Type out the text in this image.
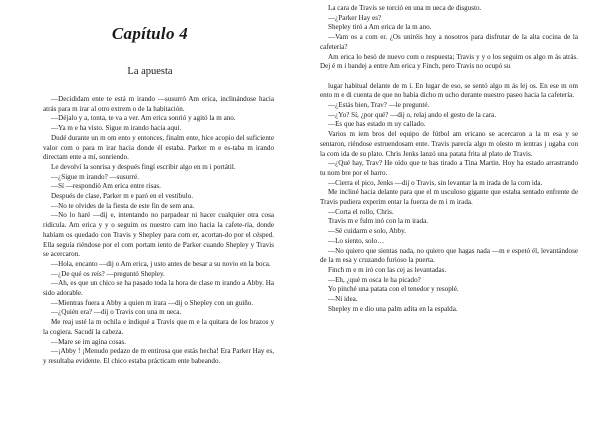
Capítulo 4
La apuesta

—Decididam ente te está m irando —susurró Am erica, inclinándose hacia atrás para m irar al otro extrem o de la habitación.

—Déjalo y a, tonta, te va a ver. Am erica sonrió y agitó la m ano.

—Ya m e ha visto. Sigue m irando hacia aquí.

Dudé durante un m om ento y entonces, finalm ente, hice acopio del suficiente valor com o para m irar hacia donde él estaba. Parker m e es-taba m irando directam ente a mí, sonriendo.

Le devolví la sonrisa y después fingí escribir algo en m i portátil.

—¿Sigue m irando? —susurré.

—Sí —respondió Am erica entre risas.

Después de clase, Parker m e paró en el vestíbulo.

—No te olvides de la fiesta de este fin de sem ana.

—No lo haré —dij e, intentando no parpadear ni hacer cualquier otra cosa ridícula. Am erica y y o seguim os nuestro cam ino hacia la cafete-ría, donde habíam os quedado con Travis y Shepley para com er, acortan-do por el césped. Ella seguía riéndose por el com portam iento de Parker cuando Shepley y Travis se acercaron.

—Hola, encanto —dij o Am erica, j usto antes de besar a su novio en la boca.

—¿De qué os reís? —preguntó Shepley.

—Ah, es que un chico se ha pasado toda la hora de clase m irando a Abby. Ha sido adorable.

—Mientras fuera a Abby a quien m irara —dij o Shepley con un guiño.

—¿Quién era? —dij o Travis con una m ueca.

Me reaj usté la m ochila e indiqué a Travis que m e la quitara de los brazos y la cogiera. Sacudí la cabeza.

—Mare se im agina cosas.

—¡Abby ! ¡Menudo pedazo de m entirosa que estás hecha! Era Parker Hay es, y resultaba evidente. El chico estaba prácticam ente babeando.

La cara de Travis se torció en una m ueca de disgusto.

—¿Parker Hay es?

Shepley tiró a Am erica de la m ano.

—Vam os a com er. ¿Os uniréis hoy a nosotros para disfrutar de la alta cocina de la cafetería?

Am erica lo besó de nuevo com o respuesta; Travis y y o los seguim os algo m ás atrás. Dej é m i bandej a entre Am erica y Finch, pero Travis no ocupó su

lugar habitual delante de m í. En lugar de eso, se sentó algo m ás lej os. En ese m om ento m e di cuenta de que no había dicho m ucho durante nuestro paseo hacia la cafetería.

—¿Estás bien, Trav? —le pregunté.

—¿Yo? Sí, ¿por qué? —dij o, relaj ando el gesto de la cara.

—Es que has estado m uy callado.

Varios m iem bros del equipo de fútbol am ericano se acercaron a la m esa y se sentaron, riéndose estruendosam ente. Travis parecía algo m olesto m ientras j ugaba con la com ida de su plato. Chris Jenks lanzó una patata frita al plato de Travis.

—¿Qué hay, Trav? He oído que te has tirado a Tina Martin. Hoy ha estado arrastrando tu nom bre por el barro.

—Cierra el pico, Jenks —dij o Travis, sin levantar la m irada de la com ida.

Me incliné hacia delante para que el m usculoso gigante que estaba sentado enfrente de Travis pudiera experim entar la fuerza de m i m irada.

—Corta el rollo, Chris.

Travis m e fulm inó con la m irada.

—Sé cuidarm e solo, Abby.

—Lo siento, solo…

—No quiero que sientas nada, no quiero que hagas nada —m e espetó él, levantándose de la m esa y cruzando furioso la puerta.

Finch m e m iró con las cej as levantadas.

—Eh, ¿qué m osca le ha picado?

Yo pinché una patata con el tenedor y resoplé.

—Ni idea.

Shepley m e dio una palm adita en la espalda.
